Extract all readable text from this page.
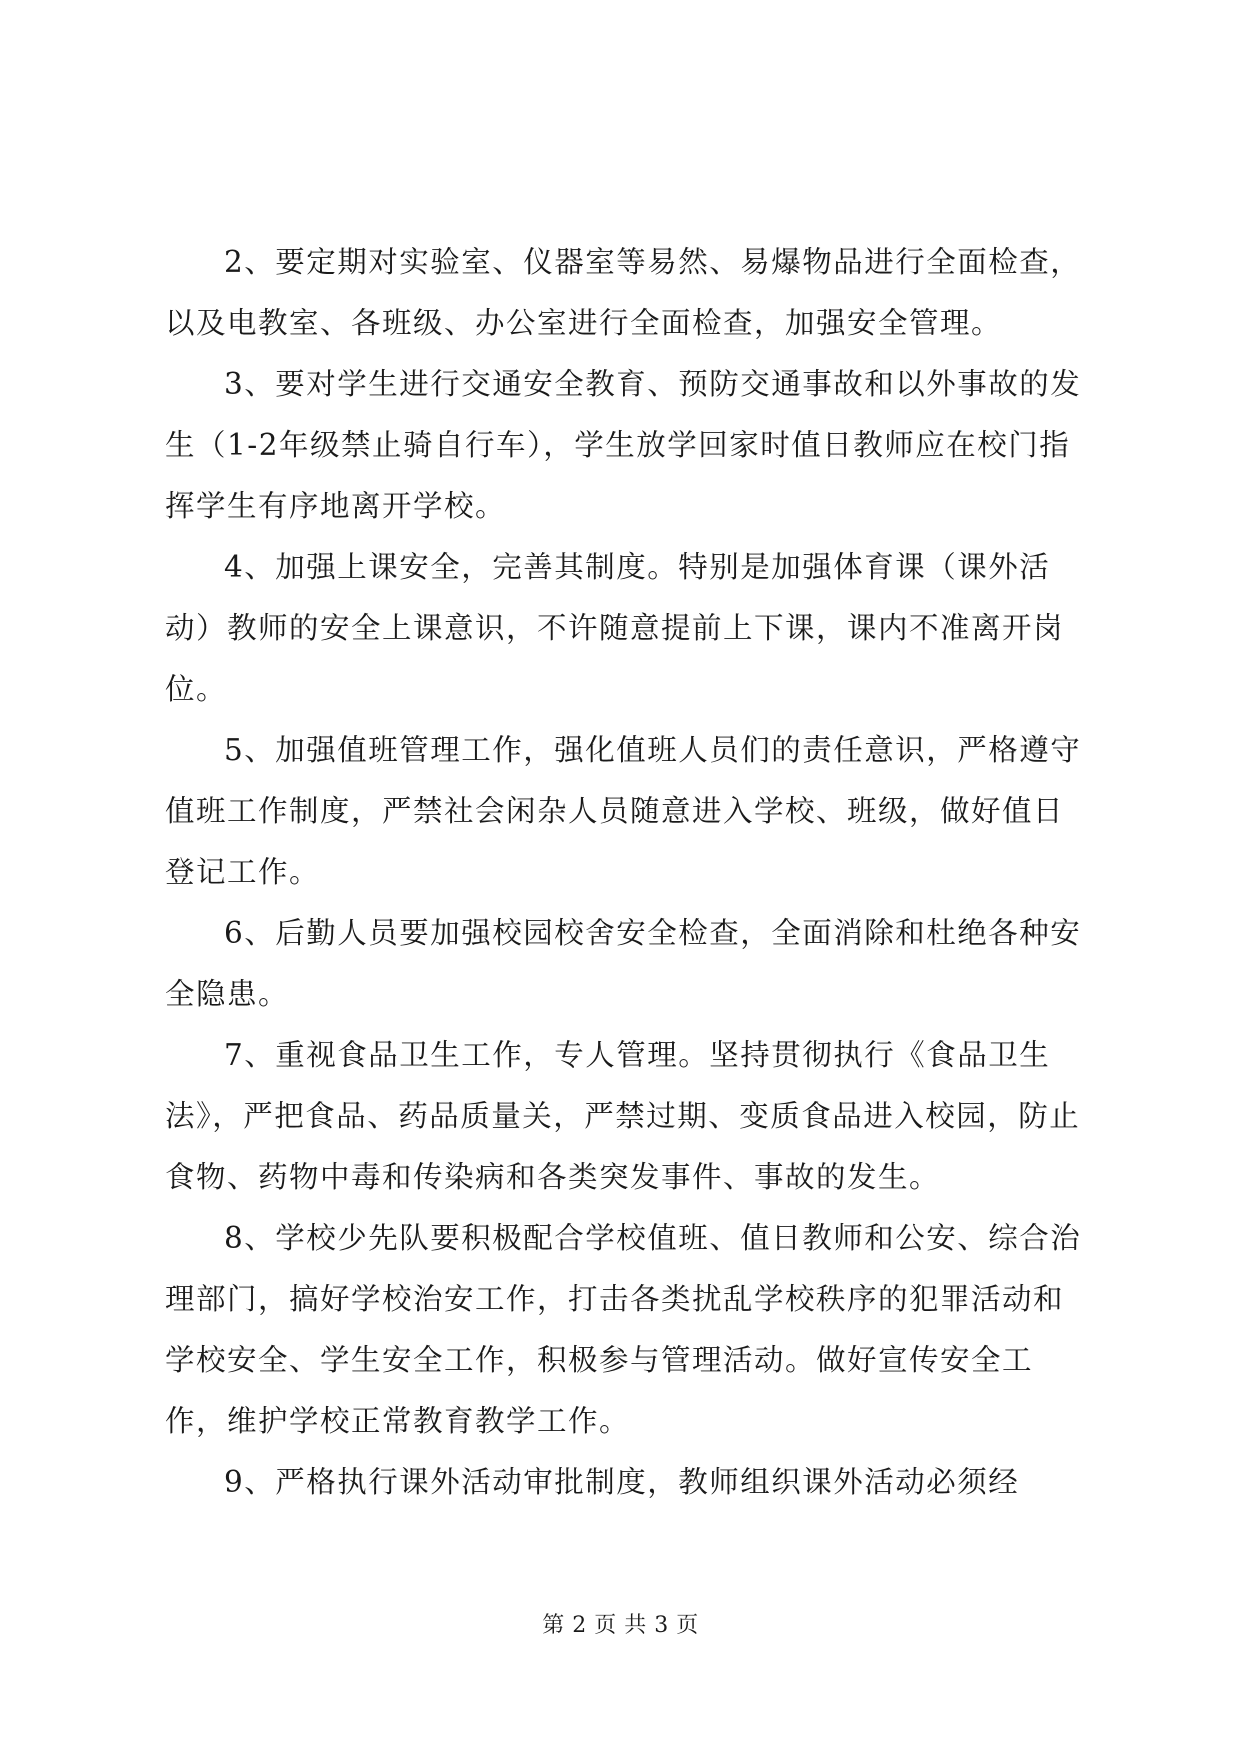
2、要定期对实验室、仪器室等易然、易爆物品进行全面检查，以及电教室、各班级、办公室进行全面检查，加强安全管理。

3、要对学生进行交通安全教育、预防交通事故和以外事故的发生（1-2年级禁止骑自行车），学生放学回家时值日教师应在校门指挥学生有序地离开学校。

4、加强上课安全，完善其制度。特别是加强体育课（课外活动）教师的安全上课意识，不许随意提前上下课，课内不准离开岗位。

5、加强值班管理工作，强化值班人员们的责任意识，严格遵守值班工作制度，严禁社会闲杂人员随意进入学校、班级，做好值日登记工作。

6、后勤人员要加强校园校舍安全检查，全面消除和杜绝各种安全隐患。

7、重视食品卫生工作，专人管理。坚持贯彻执行《食品卫生法》，严把食品、药品质量关，严禁过期、变质食品进入校园，防止食物、药物中毒和传染病和各类突发事件、事故的发生。

8、学校少先队要积极配合学校值班、值日教师和公安、综合治理部门，搞好学校治安工作，打击各类扰乱学校秩序的犯罪活动和学校安全、学生安全工作，积极参与管理活动。做好宣传安全工作，维护学校正常教育教学工作。

9、严格执行课外活动审批制度，教师组织课外活动必须经

第 2 页 共 3 页
